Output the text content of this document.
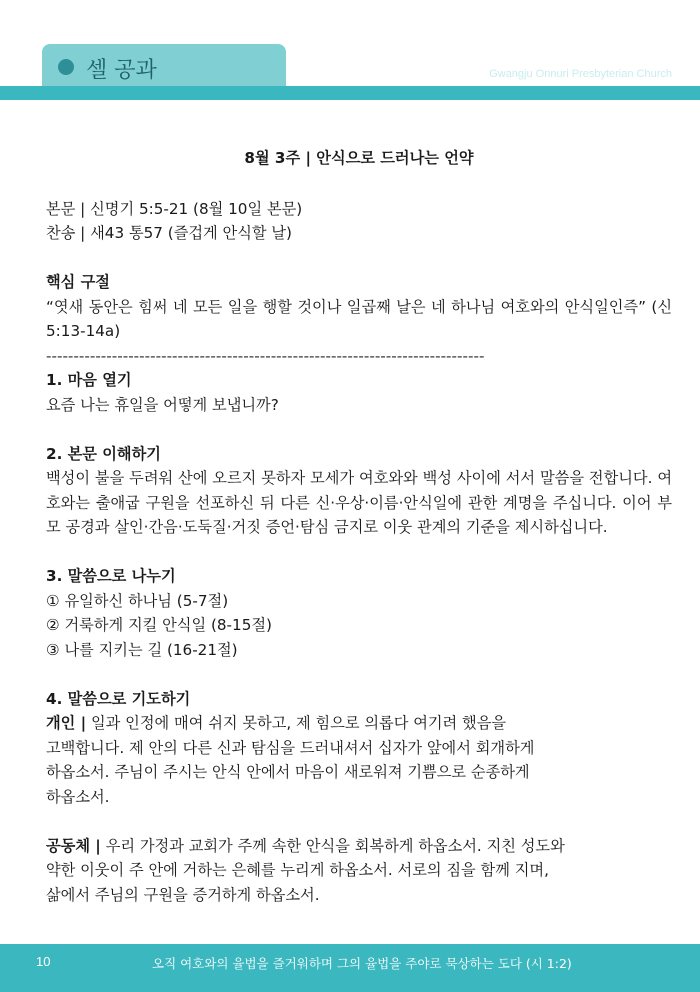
셀 공과	Gwangju Onnuri Presbyterian Church
8월 3주 | 안식으로 드러나는 언약
본문 | 신명기 5:5-21 (8월 10일 본문)
찬송 | 새43 통57 (즐겁게 안식할 날)
핵심 구절
“엿새 동안은 힘써 네 모든 일을 행할 것이나 일곱째 날은 네 하나님 여호와의 안식일인즉” (신 5:13-14a)
--------------------------------------------------------------------------------
1. 마음 열기
요즘 나는 휴일을 어떻게 보냅니까?
2. 본문 이해하기
백성이 불을 두려워 산에 오르지 못하자 모세가 여호와와 백성 사이에 서서 말씀을 전합니다. 여호와는 출애굽 구원을 선포하신 뒤 다른 신·우상·이름·안식일에 관한 계명을 주십니다. 이어 부모 공경과 살인·간음·도둑질·거짓 증언·탐심 금지로 이웃 관계의 기준을 제시하십니다.
3. 말씀으로 나누기
① 유일하신 하나님 (5-7절)
② 거룩하게 지킬 안식일 (8-15절)
③ 나를 지키는 길 (16-21절)
4. 말씀으로 기도하기
개인 | 일과 인정에 매여 쉬지 못하고, 제 힘으로 의롭다 여기려 했음을
고백합니다. 제 안의 다른 신과 탐심을 드러내셔서 십자가 앞에서 회개하게
하옵소서. 주님이 주시는 안식 안에서 마음이 새로워져 기쁨으로 순종하게
하옵소서.
공동체 | 우리 가정과 교회가 주께 속한 안식을 회복하게 하옵소서. 지친 성도와
약한 이웃이 주 안에 거하는 은혜를 누리게 하옵소서. 서로의 짐을 함께 지며,
삶에서 주님의 구원을 증거하게 하옵소서.
10	오직 여호와의 율법을 즐거워하며 그의 율법을 주야로 묵상하는 도다 (시 1:2)
